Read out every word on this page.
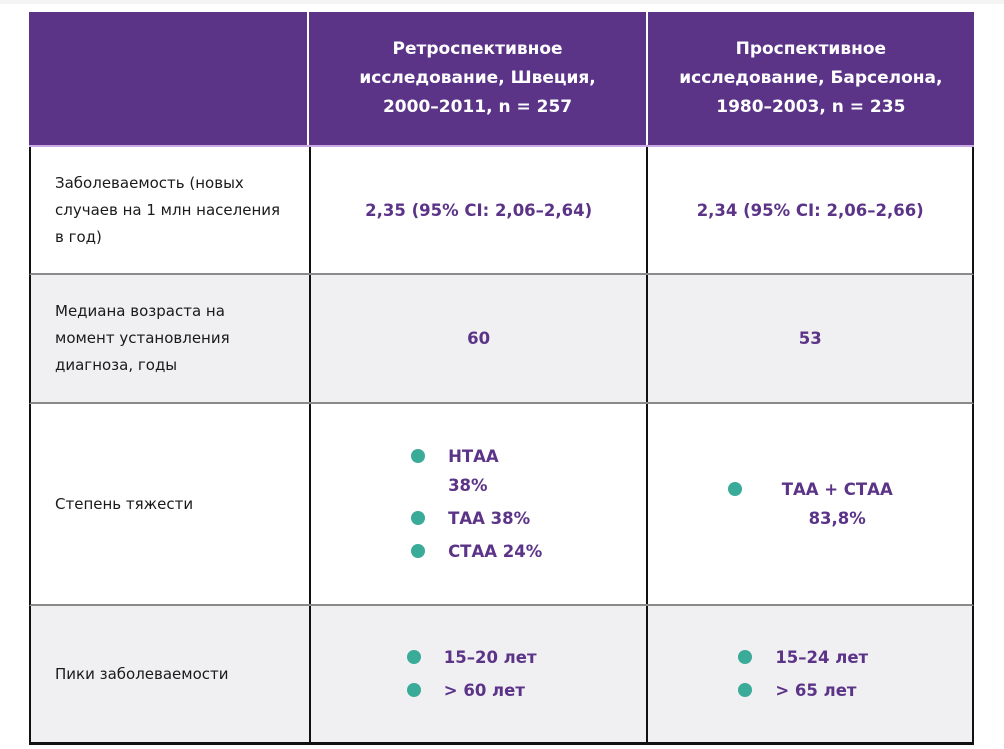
Ретроспективное
исследование, Швеция,
2000–2011, n = 257
Проспективное
исследование, Барселона,
1980–2003, n = 235
Заболеваемость (новых
случаев на 1 млн населения
в год)
2,35 (95% CI: 2,06–2,64)	2,34 (95% CI: 2,06–2,66)
Медиана возраста на
момент установления
диагноза, годы
60	53
Степень тяжести
НТАА
38%
ТАА 38%
СТАА 24%
ТАА + СТАА
83,8%
Пики заболеваемости
15–20 лет
> 60 лет
15–24 лет
> 65 лет
